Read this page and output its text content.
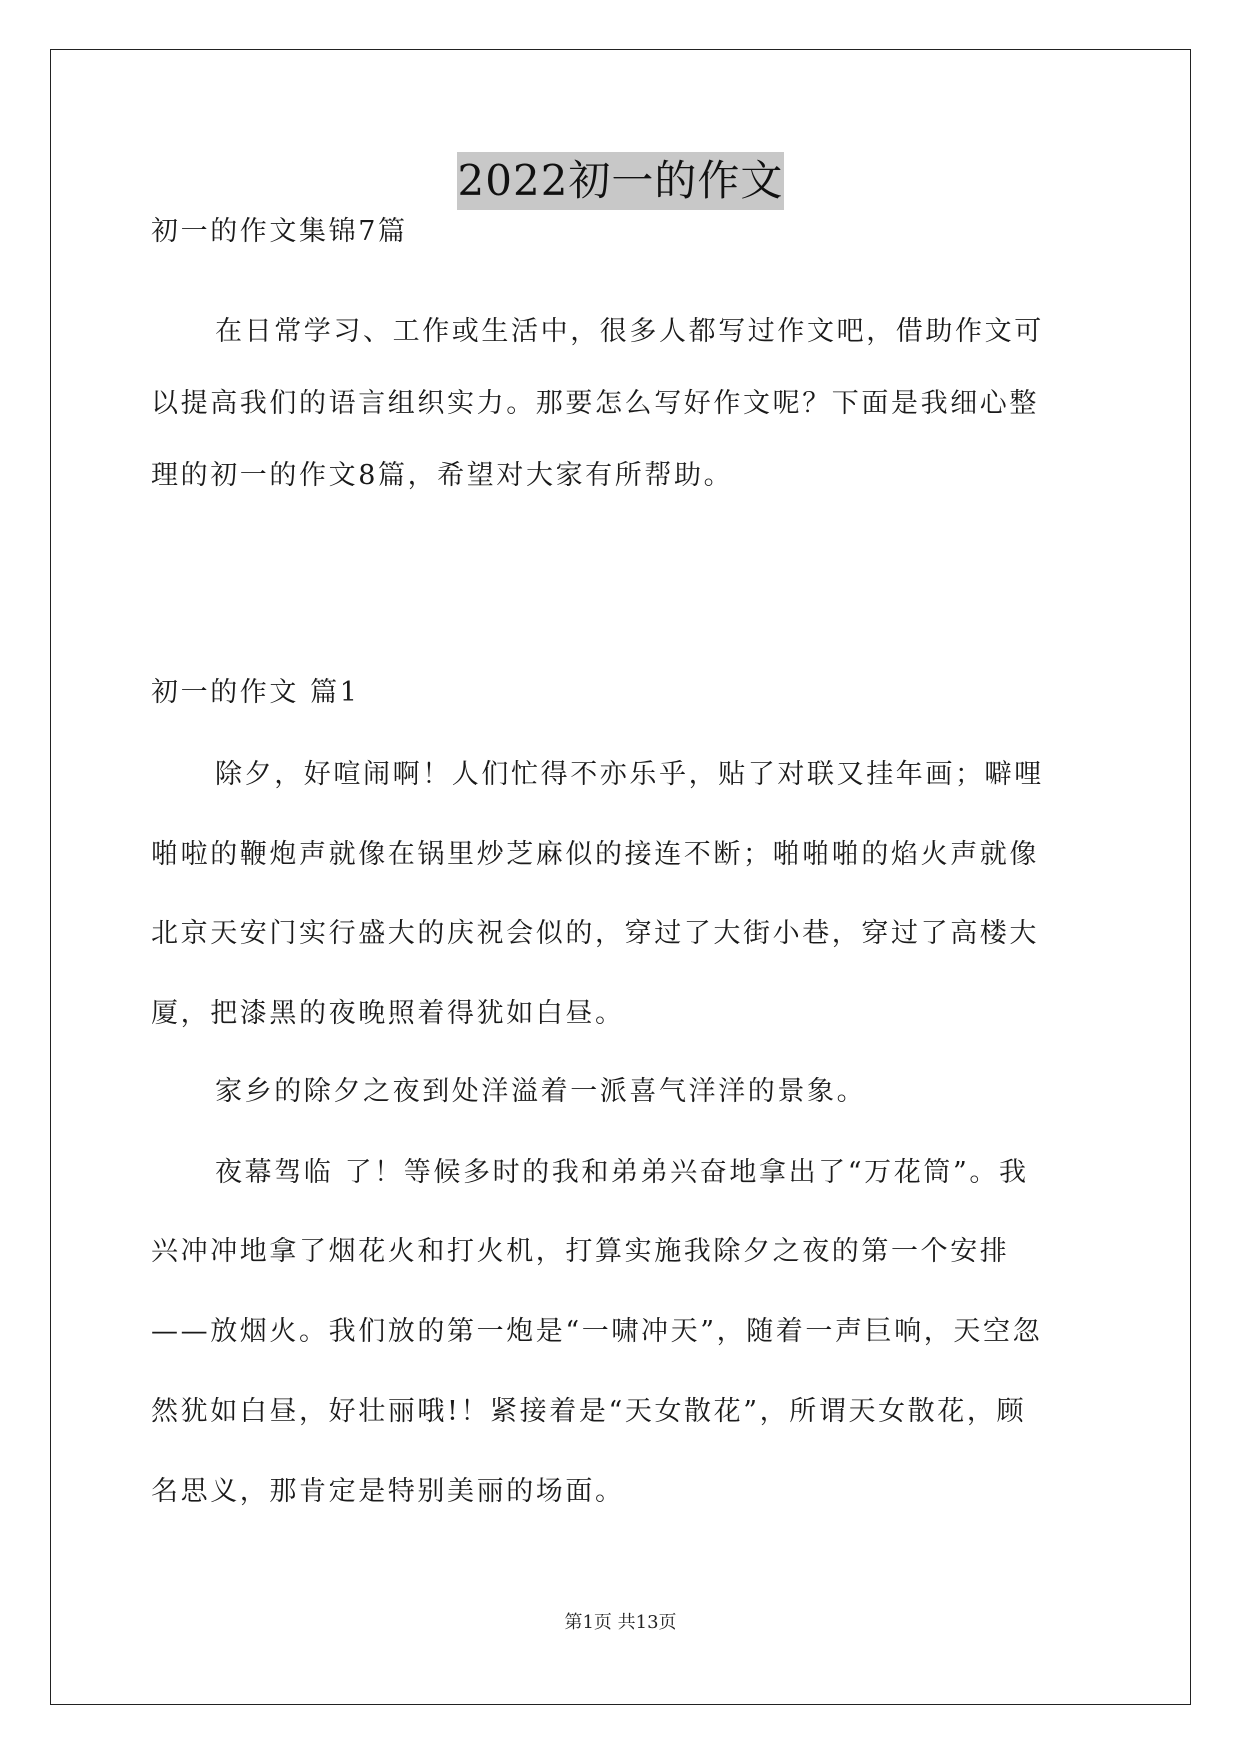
2022初一的作文
初一的作文集锦7篇
在日常学习、工作或生活中，很多人都写过作文吧，借助作文可
以提高我们的语言组织实力。那要怎么写好作文呢？下面是我细心整
理的初一的作文8篇，希望对大家有所帮助。
初一的作文 篇1
除夕，好喧闹啊！人们忙得不亦乐乎，贴了对联又挂年画；噼哩
啪啦的鞭炮声就像在锅里炒芝麻似的接连不断；啪啪啪的焰火声就像
北京天安门实行盛大的庆祝会似的，穿过了大街小巷，穿过了高楼大
厦，把漆黑的夜晚照着得犹如白昼。
家乡的除夕之夜到处洋溢着一派喜气洋洋的景象。
夜幕驾临 了！等候多时的我和弟弟兴奋地拿出了“万花筒”。我
兴冲冲地拿了烟花火和打火机，打算实施我除夕之夜的第一个安排
——放烟火。我们放的第一炮是“一啸冲天”，随着一声巨响，天空忽
然犹如白昼，好壮丽哦!！紧接着是“天女散花”，所谓天女散花，顾
名思义，那肯定是特别美丽的场面。
第1页 共13页
